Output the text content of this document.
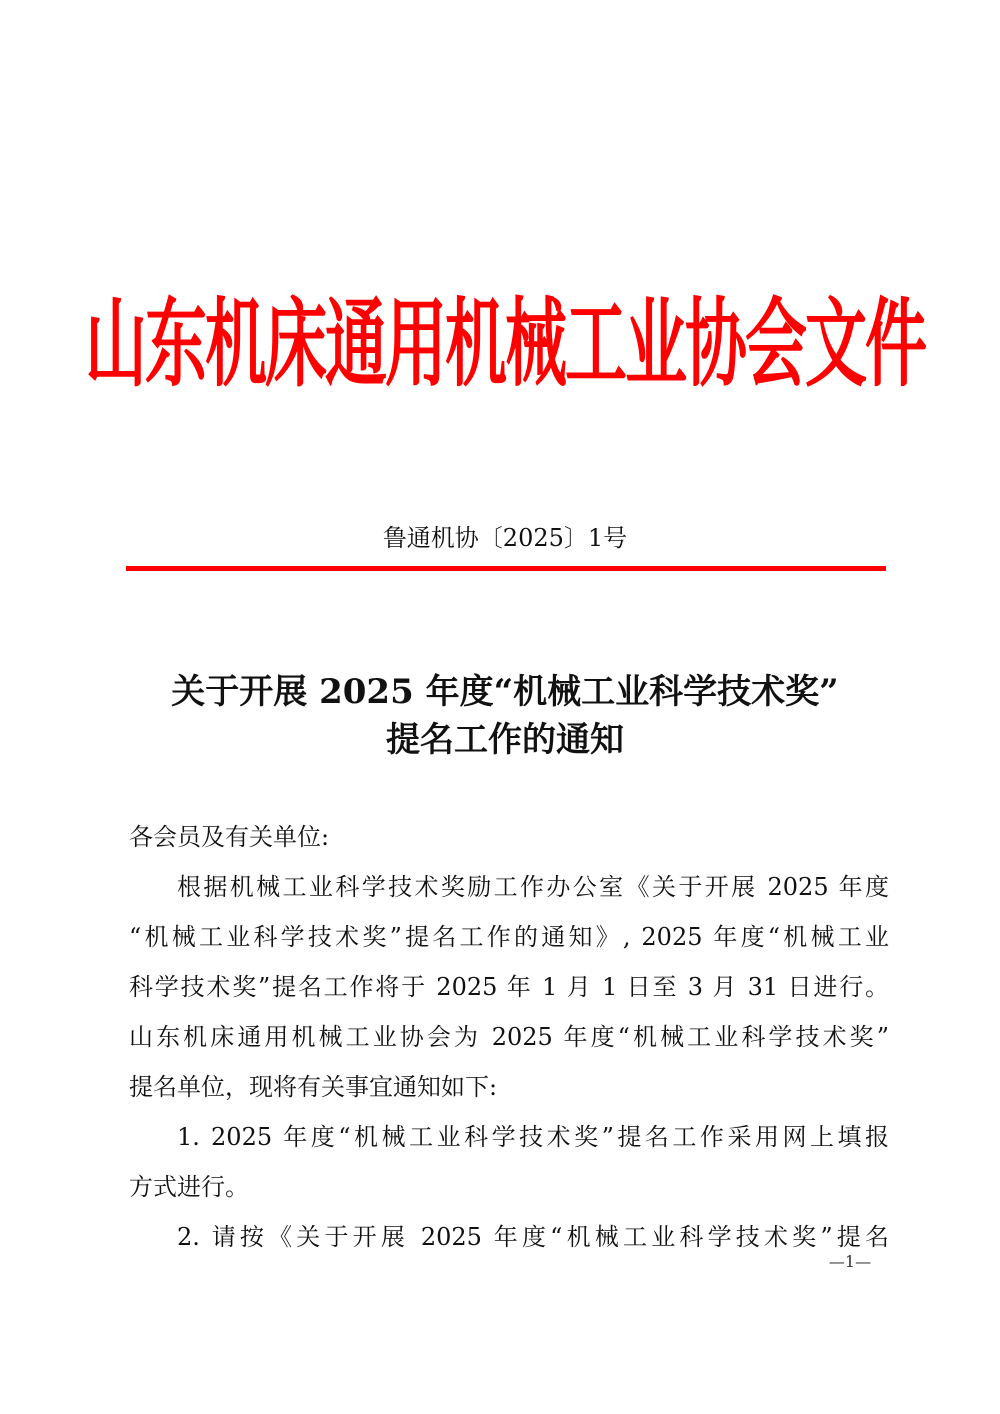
山东机床通用机械工业协会文件
鲁通机协〔2025〕1号
关于开展 2025 年度“机械工业科学技术奖”
提名工作的通知
各会员及有关单位:
根据机械工业科学技术奖励工作办公室《关于开展 2025 年度
“机械工业科学技术奖”提名工作的通知》, 2025 年度“机械工业
科学技术奖”提名工作将于 2025 年 1 月 1 日至 3 月 31 日进行。
山东机床通用机械工业协会为 2025 年度“机械工业科学技术奖”
提名单位，现将有关事宜通知如下:
1. 2025 年度“机械工业科学技术奖”提名工作采用网上填报
方式进行。
2. 请按《关于开展 2025 年度“机械工业科学技术奖”提名
—1—
